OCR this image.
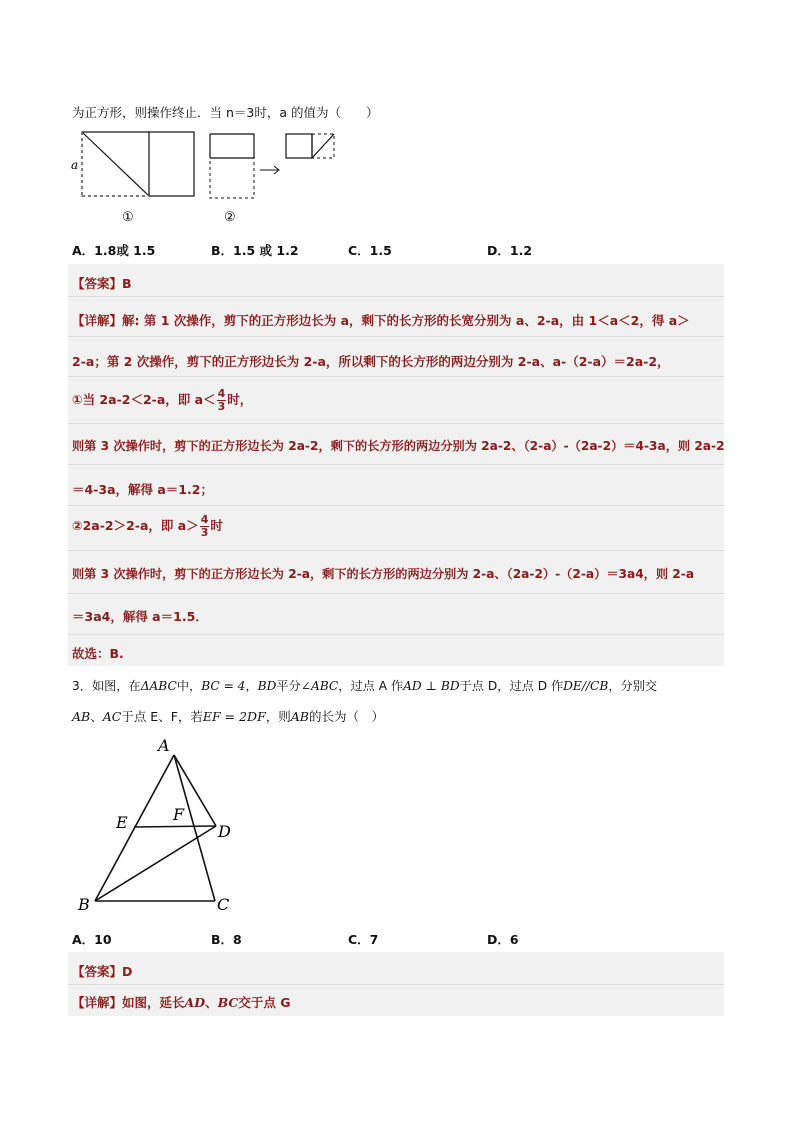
为正方形，则操作终止．当 n＝3时，a 的值为（　　）
a
①	②
A．1.8或 1.5	B．1.5 或 1.2	C．1.5	D．1.2
【答案】B
【详解】解: 第 1 次操作，剪下的正方形边长为 a，剩下的长方形的长宽分别为 a、2-a，由 1＜a＜2，得 a＞
2-a；第 2 次操作，剪下的正方形边长为 2-a，所以剩下的长方形的两边分别为 2-a、a-（2-a）＝2a-2，
①当 2a-2＜2-a，即 $a< \frac{4}{3}$ 时，
则第 3 次操作时，剪下的正方形边长为 2a-2，剩下的长方形的两边分别为 2a-2、（2-a）-（2a-2）＝4-3a，则 2a-2
＝4-3a，解得 a＝1.2；
②2a-2＞2-a，即 $a> \frac{4}{3}$ 时
则第 3 次操作时，剪下的正方形边长为 2-a，剩下的长方形的两边分别为 2-a、（2a-2）-（2-a）＝3a4，则 2-a
＝3a4，解得 a＝1.5．
故选：B.
3．如图，在ΔABC中，BC = 4，BD平分∠ABC，过点 A 作AD ⊥ BD于点 D，过点 D 作DE//CB，分别交
AB、AC于点 E、F，若EF = 2DF，则AB的长为（　）
A
E	F
D
B	C
A．10	B．8	C．7	D．6
【答案】D
【详解】如图，延长AD、BC交于点 G
